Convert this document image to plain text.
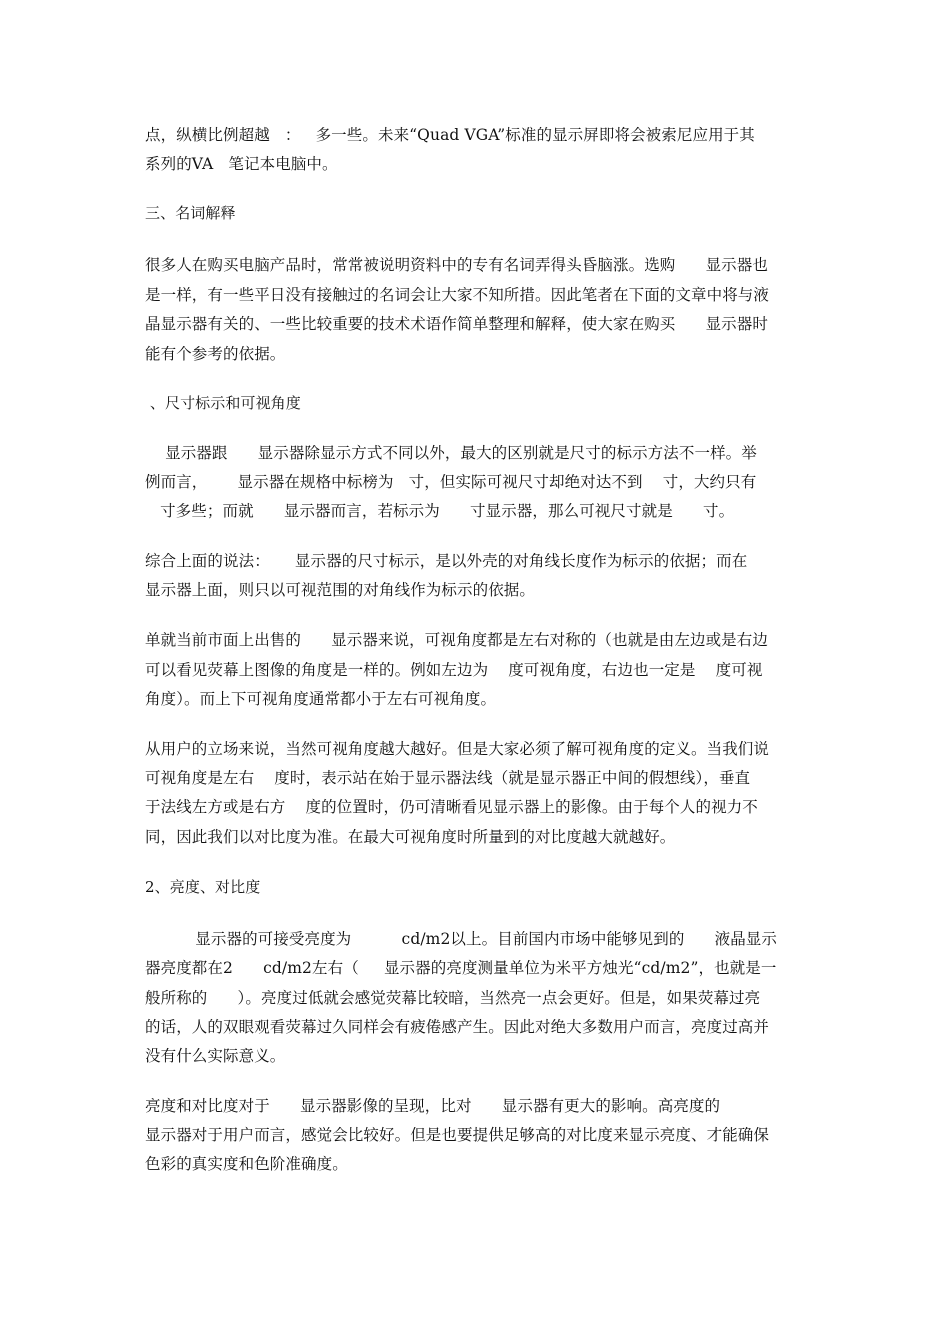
点，纵横比例超越   ：   多一些。未来“Quad VGA”标准的显示屏即将会被索尼应用于其
系列的VA   笔记本电脑中。
三、名词解释
很多人在购买电脑产品时，常常被说明资料中的专有名词弄得头昏脑涨。选购      显示器也
是一样，有一些平日没有接触过的名词会让大家不知所措。因此笔者在下面的文章中将与液
晶显示器有关的、一些比较重要的技术术语作简单整理和解释，使大家在购买      显示器时
能有个参考的依据。
、尺寸标示和可视角度
显示器跟      显示器除显示方式不同以外，最大的区别就是尺寸的标示方法不一样。举
例而言，      显示器在规格中标榜为   寸，但实际可视尺寸却绝对达不到    寸，大约只有
寸多些；而就      显示器而言，若标示为      寸显示器，那么可视尺寸就是      寸。
综合上面的说法：     显示器的尺寸标示，是以外壳的对角线长度作为标示的依据；而在
显示器上面，则只以可视范围的对角线作为标示的依据。
单就当前市面上出售的      显示器来说，可视角度都是左右对称的（也就是由左边或是右边
可以看见荧幕上图像的角度是一样的。例如左边为    度可视角度，右边也一定是    度可视
角度）。而上下可视角度通常都小于左右可视角度。
从用户的立场来说，当然可视角度越大越好。但是大家必须了解可视角度的定义。当我们说
可视角度是左右    度时，表示站在始于显示器法线（就是显示器正中间的假想线），垂直
于法线左方或是右方    度的位置时，仍可清晰看见显示器上的影像。由于每个人的视力不
同，因此我们以对比度为准。在最大可视角度时所量到的对比度越大就越好。
2、亮度、对比度
显示器的可接受亮度为          cd/m2以上。目前国内市场中能够见到的      液晶显示
器亮度都在2      cd/m2左右（     显示器的亮度测量单位为米平方烛光“cd/m2”，也就是一
般所称的      ）。亮度过低就会感觉荧幕比较暗，当然亮一点会更好。但是，如果荧幕过亮
的话，人的双眼观看荧幕过久同样会有疲倦感产生。因此对绝大多数用户而言，亮度过高并
没有什么实际意义。
亮度和对比度对于      显示器影像的呈现，比对      显示器有更大的影响。高亮度的
显示器对于用户而言，感觉会比较好。但是也要提供足够高的对比度来显示亮度、才能确保
色彩的真实度和色阶准确度。
